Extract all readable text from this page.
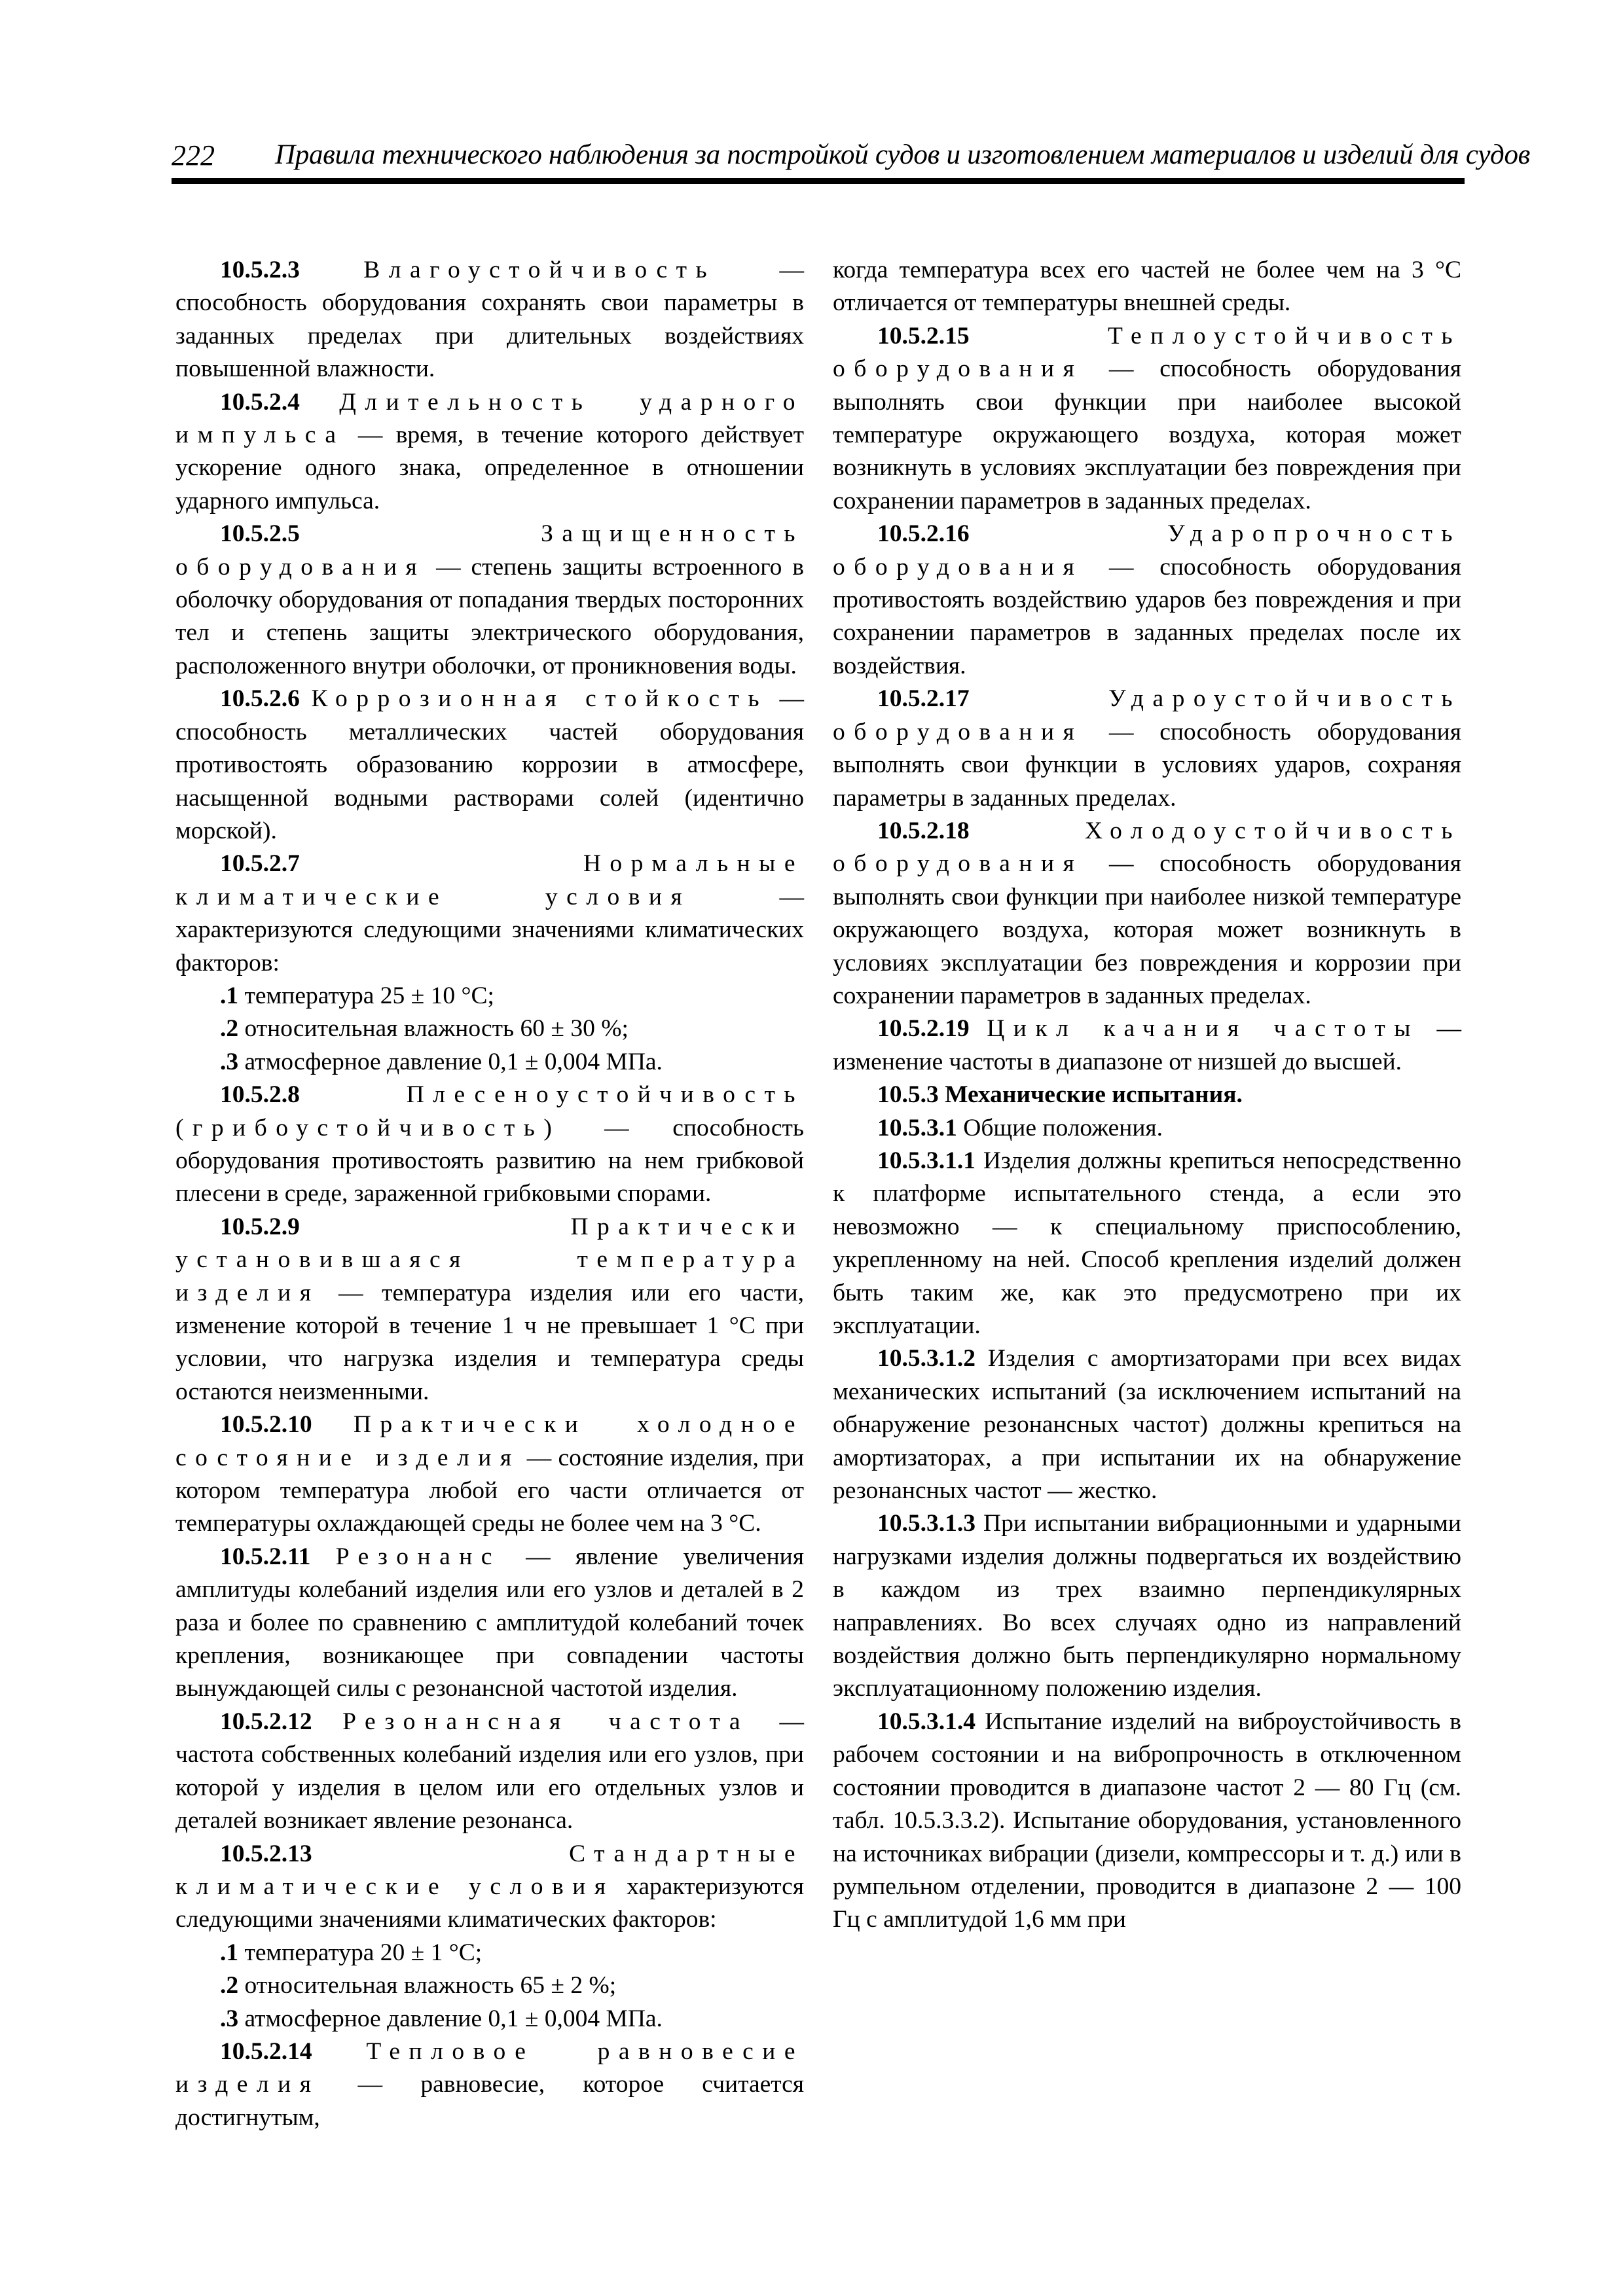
222 Правила технического наблюдения за постройкой судов и изготовлением материалов и изделий для судов

10.5.2.3	Влагоустойчивость — способность оборудования сохранять свои параметры в заданных пределах при длительных воздействиях повышенной влажности.

10.5.2.4 Длительность ударного импульса — время, в течение которого действует ускорение одного знака, определенное в отношении ударного импульса.

10.5.2.5	Защищенность оборудования — степень защиты встроенного в оболочку оборудования от попадания твердых посторонних тел и степень защиты электрического оборудования, расположенного внутри оболочки, от проникновения воды.

10.5.2.6 Коррозионная стойкость — способность металлических частей оборудования противостоять образованию коррозии в атмосфере, насыщенной водными растворами солей (идентично морской).

10.5.2.7	Нормальные климатические условия — характеризуются следующими значениями климатических факторов:

.1 температура 25 ± 10 °С;

.2 относительная влажность 60 ± 30 %;

.3 атмосферное давление 0,1 ± 0,004 МПа.

10.5.2.8	Плесеноустойчивость (грибоустойчивость) — способность оборудования противостоять развитию на нем грибковой плесени в среде, зараженной грибковыми спорами.

10.5.2.9	Практически установившаяся температура изделия — температура изделия или его части, изменение которой в течение 1 ч не превышает 1 °С при условии, что нагрузка изделия и температура среды остаются неизменными.

10.5.2.10 Практически холодное состояние изделия — состояние изделия, при котором температура любой его части отличается от температуры охлаждающей среды не более чем на 3 °С.

10.5.2.11 Резонанс — явление увеличения амплитуды колебаний изделия или его узлов и деталей в 2 раза и более по сравнению с амплитудой колебаний точек крепления, возникающее при совпадении частоты вынуждающей силы с резонансной частотой изделия.

10.5.2.12 Резонансная частота — частота собственных колебаний изделия или его узлов, при которой у изделия в целом или его отдельных узлов и деталей возникает явление резонанса.

10.5.2.13	Стандартные климатические условия характеризуются следующими значениями климатических факторов:

.1 температура 20 ± 1 °С;

.2 относительная влажность 65 ± 2 %;

.3 атмосферное давление 0,1 ± 0,004 МПа.

10.5.2.14 Тепловое равновесие изделия — равновесие, которое считается достигнутым,

когда температура всех его частей не более чем на 3 °С отличается от температуры внешней среды.

10.5.2.15	Теплоустойчивость оборудования — способность оборудования выполнять свои функции при наиболее высокой температуре окружающего воздуха, которая может возникнуть в условиях эксплуатации без повреждения при сохранении параметров в заданных пределах.

10.5.2.16	Ударопрочность оборудования — способность оборудования противостоять воздействию ударов без повреждения и при сохранении параметров в заданных пределах после их воздействия.

10.5.2.17	Удароустойчивость оборудования — способность оборудования выполнять свои функции в условиях ударов, сохраняя параметры в заданных пределах.

10.5.2.18	Холодоустойчивость оборудования — способность оборудования выполнять свои функции при наиболее низкой температуре окружающего воздуха, которая может возникнуть в условиях эксплуатации без повреждения и коррозии при сохранении параметров в заданных пределах.

10.5.2.19 Цикл качания частоты — изменение частоты в диапазоне от низшей до высшей.

10.5.3 Механические испытания.

10.5.3.1 Общие положения.

10.5.3.1.1 Изделия должны крепиться непосредственно к платформе испытательного стенда, а если это невозможно — к специальному приспособлению, укрепленному на ней. Способ крепления изделий должен быть таким же, как это предусмотрено при их эксплуатации.

10.5.3.1.2 Изделия с амортизаторами при всех видах механических испытаний (за исключением испытаний на обнаружение резонансных частот) должны крепиться на амортизаторах, а при испытании их на обнаружение резонансных частот — жестко.

10.5.3.1.3 При испытании вибрационными и ударными нагрузками изделия должны подвергаться их воздействию в каждом из трех взаимно перпендикулярных направлениях. Во всех случаях одно из направлений воздействия должно быть перпендикулярно нормальному эксплуатационному положению изделия.

10.5.3.1.4 Испытание изделий на виброустойчивость в рабочем состоянии и на вибропрочность в отключенном состоянии проводится в диапазоне частот 2 — 80 Гц (см. табл. 10.5.3.3.2). Испытание оборудования, установленного на источниках вибрации (дизели, компрессоры и т. д.) или в румпельном отделении, проводится в диапазоне 2 — 100 Гц с амплитудой 1,6 мм при
